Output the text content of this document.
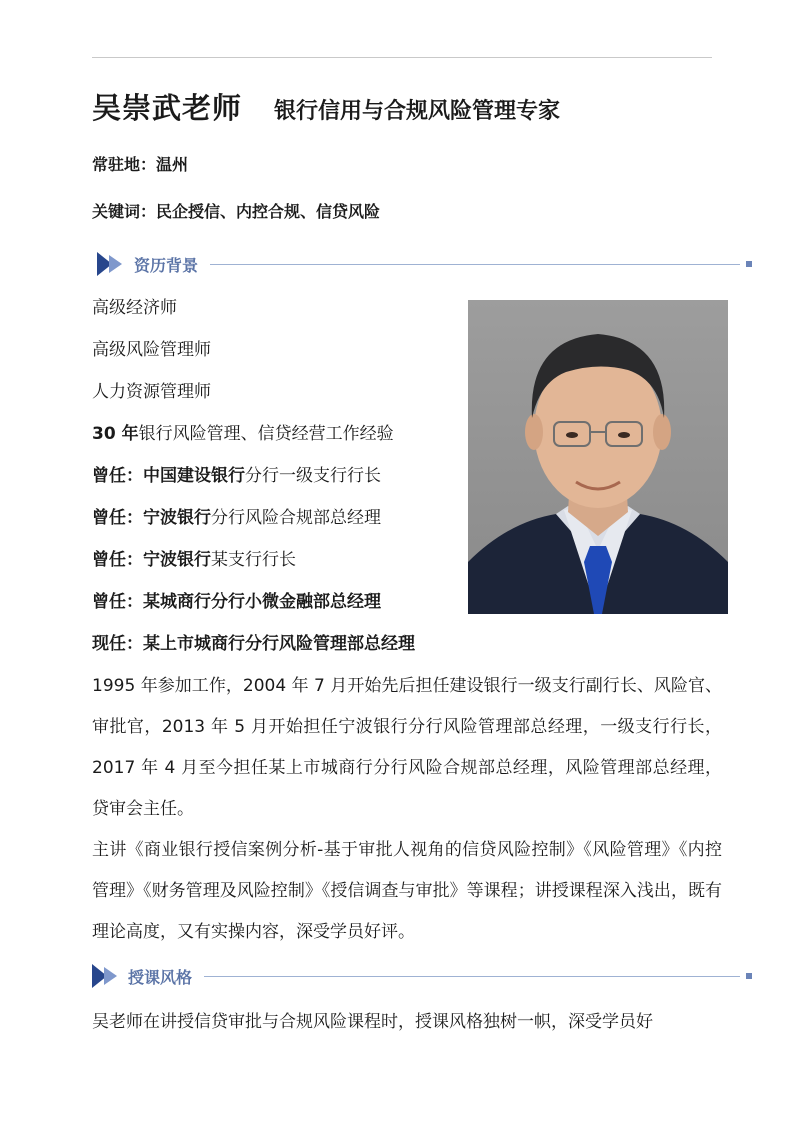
吴崇武老师 银行信用与合规风险管理专家
常驻地：温州
关键词：民企授信、内控合规、信贷风险
资历背景
高级经济师
高级风险管理师
人力资源管理师
30 年银行风险管理、信贷经营工作经验
曾任：中国建设银行分行一级支行行长
曾任：宁波银行分行风险合规部总经理
曾任：宁波银行某支行行长
曾任：某城商行分行小微金融部总经理
现任：某上市城商行分行风险管理部总经理
1995 年参加工作，2004 年 7 月开始先后担任建设银行一级支行副行长、风险官、审批官，2013 年 5 月开始担任宁波银行分行风险管理部总经理，一级支行行长，2017 年 4 月至今担任某上市城商行分行风险合规部总经理，风险管理部总经理，贷审会主任。
主讲《商业银行授信案例分析-基于审批人视角的信贷风险控制》《风险管理》《内控管理》《财务管理及风险控制》《授信调查与审批》等课程；讲授课程深入浅出，既有理论高度，又有实操内容，深受学员好评。
授课风格
吴老师在讲授信贷审批与合规风险课程时，授课风格独树一帜，深受学员好
